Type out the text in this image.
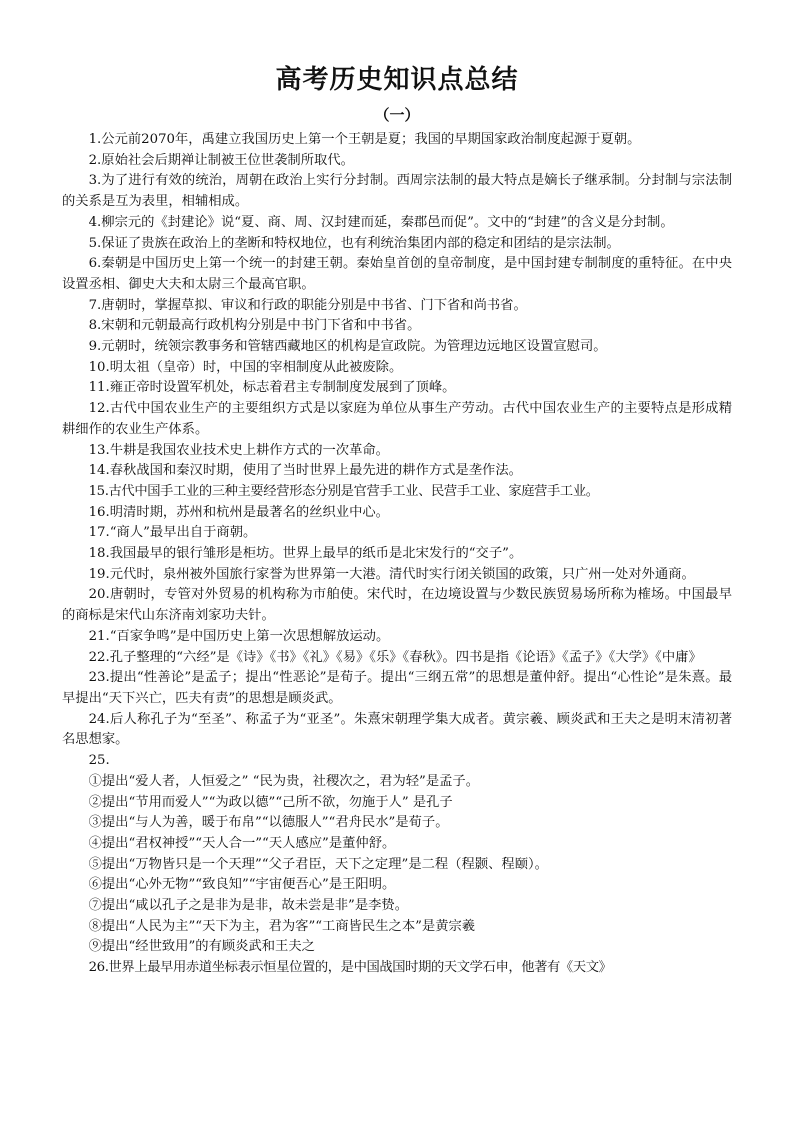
高考历史知识点总结
（一）

1.公元前2070年，禹建立我国历史上第一个王朝是夏；我国的早期国家政治制度起源于夏朝。

2.原始社会后期禅让制被王位世袭制所取代。

3.为了进行有效的统治，周朝在政治上实行分封制。西周宗法制的最大特点是嫡长子继承制。分封制与宗法制的关系是互为表里，相辅相成。

4.柳宗元的《封建论》说“夏、商、周、汉封建而延，秦郡邑而促”。文中的“封建”的含义是分封制。

5.保证了贵族在政治上的垄断和特权地位，也有利统治集团内部的稳定和团结的是宗法制。

6.秦朝是中国历史上第一个统一的封建王朝。秦始皇首创的皇帝制度，是中国封建专制制度的重特征。在中央设置丞相、御史大夫和太尉三个最高官职。

7.唐朝时，掌握草拟、审议和行政的职能分别是中书省、门下省和尚书省。

8.宋朝和元朝最高行政机构分别是中书门下省和中书省。

9.元朝时，统领宗教事务和管辖西藏地区的机构是宣政院。为管理边远地区设置宣慰司。

10.明太祖（皇帝）时，中国的宰相制度从此被废除。

11.雍正帝时设置军机处，标志着君主专制制度发展到了顶峰。

12.古代中国农业生产的主要组织方式是以家庭为单位从事生产劳动。古代中国农业生产的主要特点是形成精耕细作的农业生产体系。

13.牛耕是我国农业技术史上耕作方式的一次革命。

14.春秋战国和秦汉时期，使用了当时世界上最先进的耕作方式是垄作法。

15.古代中国手工业的三种主要经营形态分别是官营手工业、民营手工业、家庭营手工业。

16.明清时期，苏州和杭州是最著名的丝织业中心。

17.“商人”最早出自于商朝。

18.我国最早的银行雏形是柜坊。世界上最早的纸币是北宋发行的“交子”。

19.元代时，泉州被外国旅行家誉为世界第一大港。清代时实行闭关锁国的政策，只广州一处对外通商。

20.唐朝时，专管对外贸易的机构称为市舶使。宋代时，在边境设置与少数民族贸易场所称为榷场。中国最早的商标是宋代山东济南刘家功夫针。

21.“百家争鸣”是中国历史上第一次思想解放运动。

22.孔子整理的“六经”是《诗》《书》《礼》《易》《乐》《春秋》。四书是指《论语》《孟子》《大学》《中庸》

23.提出“性善论”是孟子；提出“性恶论”是荀子。提出“三纲五常”的思想是董仲舒。提出“心性论”是朱熹。最早提出“天下兴亡，匹夫有责”的思想是顾炎武。

24.后人称孔子为“至圣”、称孟子为“亚圣”。朱熹宋朝理学集大成者。黄宗羲、顾炎武和王夫之是明末清初著名思想家。

25.

①提出“爱人者，人恒爱之” “民为贵，社稷次之，君为轻”是孟子。

②提出“节用而爱人”“为政以德”“己所不欲，勿施于人” 是孔子

③提出“与人为善，暖于布帛”“以德服人”“君舟民水”是荀子。

④提出“君权神授”“天人合一”“天人感应”是董仲舒。

⑤提出“万物皆只是一个天理”“父子君臣，天下之定理”是二程（程颢、程颐）。

⑥提出“心外无物”“致良知”“宇宙便吾心”是王阳明。

⑦提出“咸以孔子之是非为是非，故未尝是非”是李贽。

⑧提出“人民为主”“天下为主，君为客”“工商皆民生之本”是黄宗羲

⑨提出“经世致用”的有顾炎武和王夫之

26.世界上最早用赤道坐标表示恒星位置的，是中国战国时期的天文学石申，他著有《天文》
